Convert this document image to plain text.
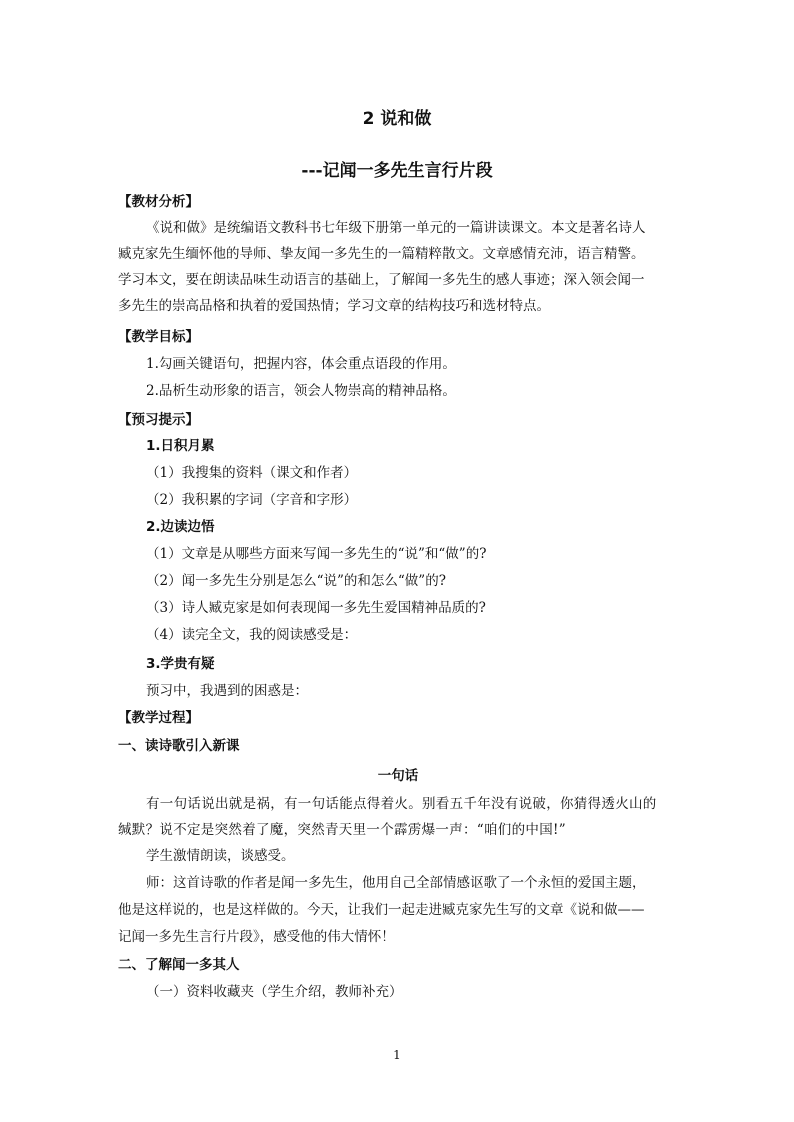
2 说和做
---记闻一多先生言行片段
【教材分析】
《说和做》是统编语文教科书七年级下册第一单元的一篇讲读课文。本文是著名诗人
臧克家先生缅怀他的导师、挚友闻一多先生的一篇精粹散文。文章感情充沛，语言精警。
学习本文，要在朗读品味生动语言的基础上，了解闻一多先生的感人事迹；深入领会闻一
多先生的崇高品格和执着的爱国热情；学习文章的结构技巧和选材特点。
【教学目标】
1.勾画关键语句，把握内容，体会重点语段的作用。
2.品析生动形象的语言，领会人物崇高的精神品格。
【预习提示】
1.日积月累
（1）我搜集的资料（课文和作者）
（2）我积累的字词（字音和字形）
2.边读边悟
（1）文章是从哪些方面来写闻一多先生的“说”和“做”的?
（2）闻一多先生分别是怎么“说”的和怎么“做”的?
（3）诗人臧克家是如何表现闻一多先生爱国精神品质的?
（4）读完全文，我的阅读感受是：
3.学贵有疑
预习中，我遇到的困惑是：
【教学过程】
一、读诗歌引入新课
一句话
有一句话说出就是祸，有一句话能点得着火。别看五千年没有说破，你猜得透火山的
缄默？说不定是突然着了魔，突然青天里一个霹雳爆一声：“咱们的中国!”
学生激情朗读，谈感受。
师：这首诗歌的作者是闻一多先生，他用自己全部情感讴歌了一个永恒的爱国主题，
他是这样说的，也是这样做的。今天，让我们一起走进臧克家先生写的文章《说和做——
记闻一多先生言行片段》，感受他的伟大情怀！
二、了解闻一多其人
（一）资料收藏夹（学生介绍，教师补充）
1
